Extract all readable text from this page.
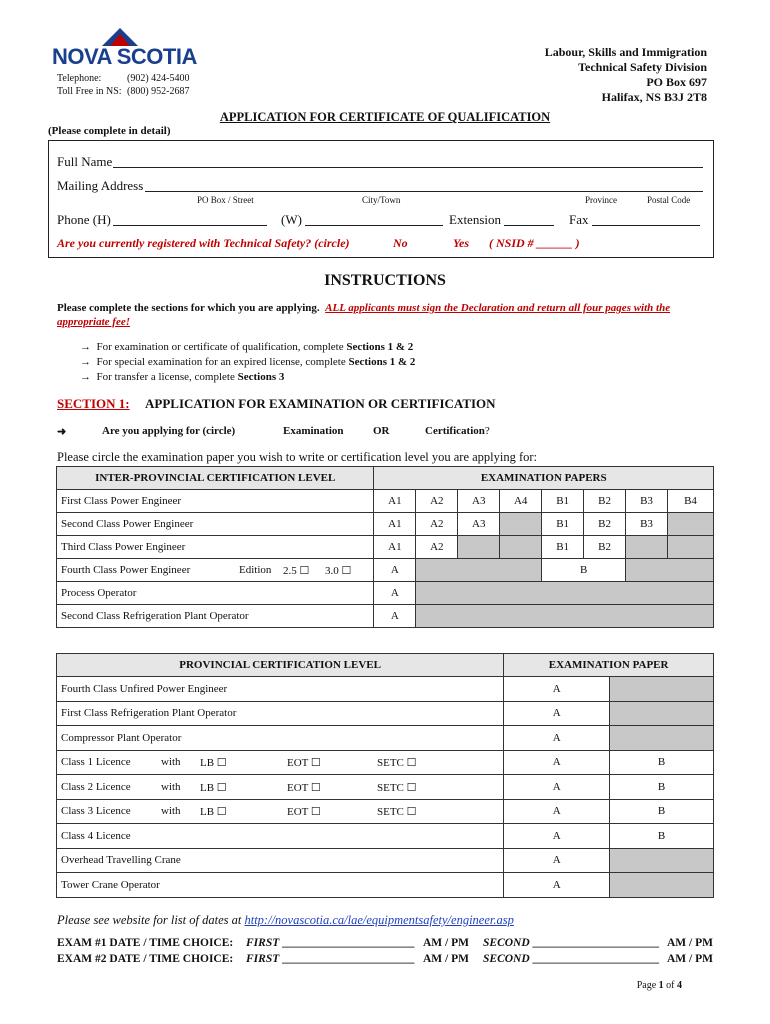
NOVA SCOTIA
Telephone:	(902) 424-5400
Toll Free in NS: (800) 952-2687
Labour, Skills and Immigration
Technical Safety Division
PO Box 697
Halifax, NS B3J 2T8
APPLICATION FOR CERTIFICATE OF QUALIFICATION
(Please complete in detail)
Full Name
Mailing Address
PO Box / Street	City/Town	Province	Postal Code
Phone (H)	(W)	Extension	Fax
Are you currently registered with Technical Safety? (circle)	No	Yes ( NSID # ______ )
INSTRUCTIONS
Please complete the sections for which you are applying. ALL applicants must sign the Declaration and return all four pages with the appropriate fee!
→ For examination or certificate of qualification, complete Sections 1 & 2
→ For special examination for an expired license, complete Sections 1 & 2
→ For transfer a license, complete Sections 3
SECTION 1: APPLICATION FOR EXAMINATION OR CERTIFICATION
➜	Are you applying for (circle)	Examination	OR	Certification?
Please circle the examination paper you wish to write or certification level you are applying for:
INTER-PROVINCIAL CERTIFICATION LEVEL	EXAMINATION PAPERS							
First Class Power Engineer	A1	A2	A3	A4	B1	B2	B3	B4
Second Class Power Engineer	A1	A2	A3		B1	B2	B3	
Third Class Power Engineer	A1	A2			B1	B2		
Fourth Class Power Engineer Edition 2.5 ☐ 3.0 ☐	A				B			
Process Operator	A							
Second Class Refrigeration Plant Operator	A							
PROVINCIAL CERTIFICATION LEVEL	EXAMINATION PAPER	
Fourth Class Unfired Power Engineer	A	
First Class Refrigeration Plant Operator	A	
Compressor Plant Operator	A	
Class 1 Licence with LB ☐ EOT ☐ SETC ☐	A	B
Class 2 Licence with LB ☐ EOT ☐ SETC ☐	A	B
Class 3 Licence with LB ☐ EOT ☐ SETC ☐	A	B
Class 4 Licence	A	B
Overhead Travelling Crane	A	
Tower Crane Operator	A	
Please see website for list of dates at http://novascotia.ca/lae/equipmentsafety/engineer.asp
EXAM #1 DATE / TIME CHOICE: FIRST _______________________ AM / PM SECOND ______________________ AM / PM
EXAM #2 DATE / TIME CHOICE: FIRST _______________________ AM / PM SECOND ______________________ AM / PM
Page 1 of 4
